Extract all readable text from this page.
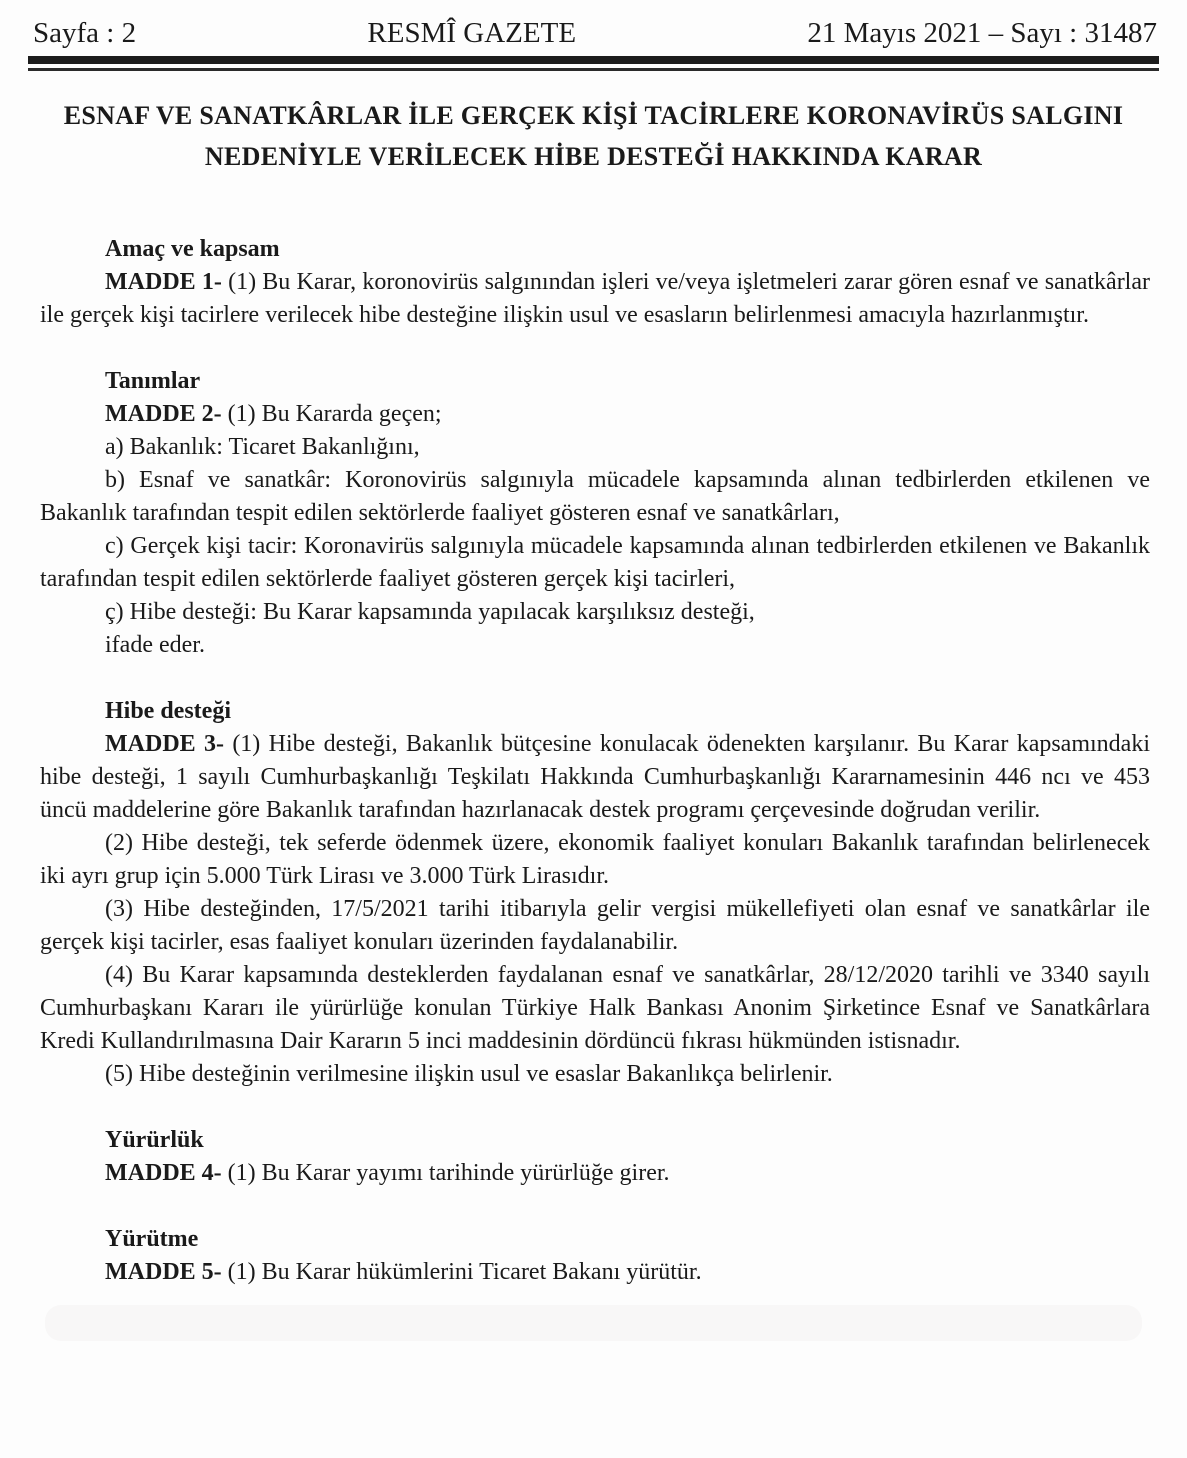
Sayfa : 2	RESMÎ GAZETE	21 Mayıs 2021 – Sayı : 31487
ESNAF VE SANATKÂRLAR İLE GERÇEK KİŞİ TACİRLERE KORONAVİRÜS SALGINI
NEDENİYLE VERİLECEK HİBE DESTEĞİ HAKKINDA KARAR

Amaç ve kapsam

MADDE 1- (1) Bu Karar, koronovirüs salgınından işleri ve/veya işletmeleri zarar gören esnaf ve sanatkârlar ile gerçek kişi tacirlere verilecek hibe desteğine ilişkin usul ve esasların belirlenmesi amacıyla hazırlanmıştır.

Tanımlar

MADDE 2- (1) Bu Kararda geçen;

a) Bakanlık: Ticaret Bakanlığını,

b) Esnaf ve sanatkâr: Koronovirüs salgınıyla mücadele kapsamında alınan tedbirlerden etkilenen ve Bakanlık tarafından tespit edilen sektörlerde faaliyet gösteren esnaf ve sanatkârları,

c) Gerçek kişi tacir: Koronavirüs salgınıyla mücadele kapsamında alınan tedbirlerden etkilenen ve Bakanlık tarafından tespit edilen sektörlerde faaliyet gösteren gerçek kişi tacirleri,

ç) Hibe desteği: Bu Karar kapsamında yapılacak karşılıksız desteği,

ifade eder.

Hibe desteği

MADDE 3- (1) Hibe desteği, Bakanlık bütçesine konulacak ödenekten karşılanır. Bu Karar kapsamındaki hibe desteği, 1 sayılı Cumhurbaşkanlığı Teşkilatı Hakkında Cumhurbaşkanlığı Kararnamesinin 446 ncı ve 453 üncü maddelerine göre Bakanlık tarafından hazırlanacak destek programı çerçevesinde doğrudan verilir.

(2) Hibe desteği, tek seferde ödenmek üzere, ekonomik faaliyet konuları Bakanlık tarafından belirlenecek iki ayrı grup için 5.000 Türk Lirası ve 3.000 Türk Lirasıdır.

(3) Hibe desteğinden, 17/5/2021 tarihi itibarıyla gelir vergisi mükellefiyeti olan esnaf ve sanatkârlar ile gerçek kişi tacirler, esas faaliyet konuları üzerinden faydalanabilir.

(4) Bu Karar kapsamında desteklerden faydalanan esnaf ve sanatkârlar, 28/12/2020 tarihli ve 3340 sayılı Cumhurbaşkanı Kararı ile yürürlüğe konulan Türkiye Halk Bankası Anonim Şirketince Esnaf ve Sanatkârlara Kredi Kullandırılmasına Dair Kararın 5 inci maddesinin dördüncü fıkrası hükmünden istisnadır.

(5) Hibe desteğinin verilmesine ilişkin usul ve esaslar Bakanlıkça belirlenir.

Yürürlük

MADDE 4- (1) Bu Karar yayımı tarihinde yürürlüğe girer.

Yürütme

MADDE 5- (1) Bu Karar hükümlerini Ticaret Bakanı yürütür.
